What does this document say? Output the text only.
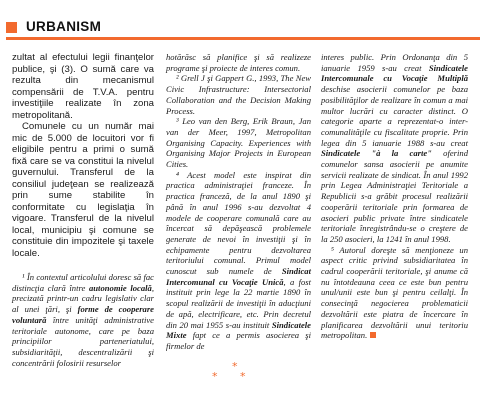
URBANISM

zultat al efectului legii finanţelor publice, şi (3). O sumă care va rezulta din mecanismul compensării de T.V.A. pentru investiţiile realizate în zona metropolitană.

Comunele cu un număr mai mic de 5.000 de locuitori vor fi eligibile pentru a primi o sumă fixă care se va constitui la nivelul guvernului. Transferul de la consiliul judeţean se realizează prin sume stabilite în conformitate cu legislaţia în vigoare. Transferul de la nivelul local, municipiu şi comune se constituie din impozitele şi taxele locale.

¹ În contextul articolului doresc să fac distincţia clară între autonomie locală, precizată printr-un cadru legislativ clar al unei ţări, şi forme de cooperare voluntară între unităţi administrative teritoriale autonome, care pe baza principiilor parteneriatului, subsidiarităţii, descentralizării şi concentrării folosirii resurselor

hotărăsc să planifice şi să realizeze programe şi proiecte de interes comun.

² Grell J şi Gappert G., 1993, The New Civic Infrastructure: Intersectorial Collaboration and the Decision Making Process.

³ Leo van den Berg, Erik Braun, Jan van der Meer, 1997, Metropolitan Organising Capacity. Experiences with Organising Major Projects in European Cities.

⁴ Acest model este inspirat din practica administraţiei franceze. În practica franceză, de la anul 1890 şi până în anul 1996 s-au dezvoltat 4 modele de cooperare comunală care au încercat să depăşească problemele generate de nevoi în investiţii şi în echipamente pentru dezvoltarea teritoriului comunal. Primul model cunoscut sub numele de Sindicat Intercomunal cu Vocaţie Unică, a fost instituit prin lege la 22 martie 1890 în scopul realizării de investiţii în aducţiuni de apă, electrificare, etc. Prin decretul din 20 mai 1955 s-au instituit Sindicatele Mixte fapt ce a permis asocierea şi firmelor de

interes public. Prin Ordonanţa din 5 ianuarie 1959 s-au creat Sindicatele Intercomunale cu Vocaţie Multiplă deschise asocierii comunelor pe baza posibilităţilor de realizare în comun a mai multor lucrări cu caracter distinct. O categorie aparte a reprezentat-o inter-comunalităţile cu fiscalitate proprie. Prin legea din 5 ianuarie 1988 s-au creat Sindicatele "à la carte" oferind comunelor sansa asocierii pe anumite servicii realizate de sindicat. În anul 1992 prin Legea Administraţiei Teritoriale a Republicii s-a grăbit procesul realizării cooperării teritoriale prin formarea de asocieri public private între sindicatele teritoriale înregistrându-se o creştere de la 250 asocieri, la 1241 în anul 1998.

⁵ Autorul doreşte să menţioneze un aspect critic privind subsidiaritatea în cadrul cooperării teritoriale, şi anume că nu întotdeauna ceea ce este bun pentru unul/unii este bun şi pentru ceilalţi. În consecinţă negocierea problematicii dezvoltării este piatra de încercare în planificarea dezvoltării unui teritoriu metropolitan.

*
* *
